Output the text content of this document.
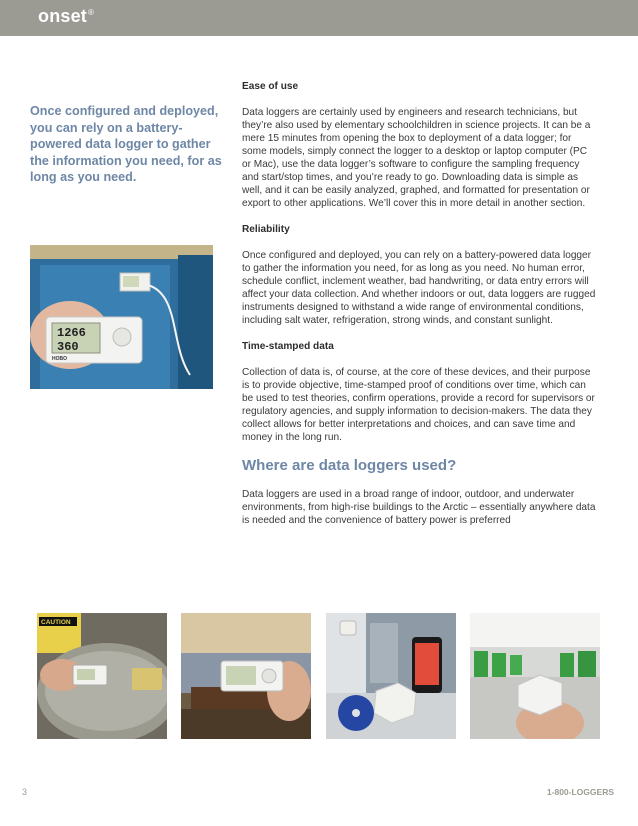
onset®
Once configured and deployed, you can rely on a battery-powered data logger to gather the information you need, for as long as you need.
1266
360
HOBO
Ease of use

Data loggers are certainly used by engineers and research technicians, but they’re also used by elementary schoolchildren in science projects. It can be a mere 15 minutes from opening the box to deployment of a data logger; for some models, simply connect the logger to a desktop or laptop computer (PC or Mac), use the data logger’s software to configure the sampling frequency and start/stop times, and you’re ready to go. Downloading data is simple as well, and it can be easily analyzed, graphed, and formatted for presentation or export to other applications. We’ll cover this in more detail in another section.

Reliability

Once configured and deployed, you can rely on a battery-powered data logger to gather the information you need, for as long as you need. No human error, schedule conflict, inclement weather, bad handwriting, or data entry errors will affect your data collection. And whether indoors or out, data loggers are rugged instruments designed to withstand a wide range of environmental conditions, including salt water, refrigeration, strong winds, and constant sunlight.

Time-stamped data

Collection of data is, of course, at the core of these devices, and their purpose is to provide objective, time-stamped proof of conditions over time, which can be used to test theories, confirm operations, provide a record for supervisors or regulatory agencies, and supply information to decision-makers. The data they collect allows for better interpretations and choices, and can save time and money in the long run.

Where are data loggers used?

Data loggers are used in a broad range of indoor, outdoor, and underwater environments, from high-rise buildings to the Arctic – essentially anywhere data is needed and the convenience of battery power is preferred

CAUTION
3	1-800-LOGGERS
